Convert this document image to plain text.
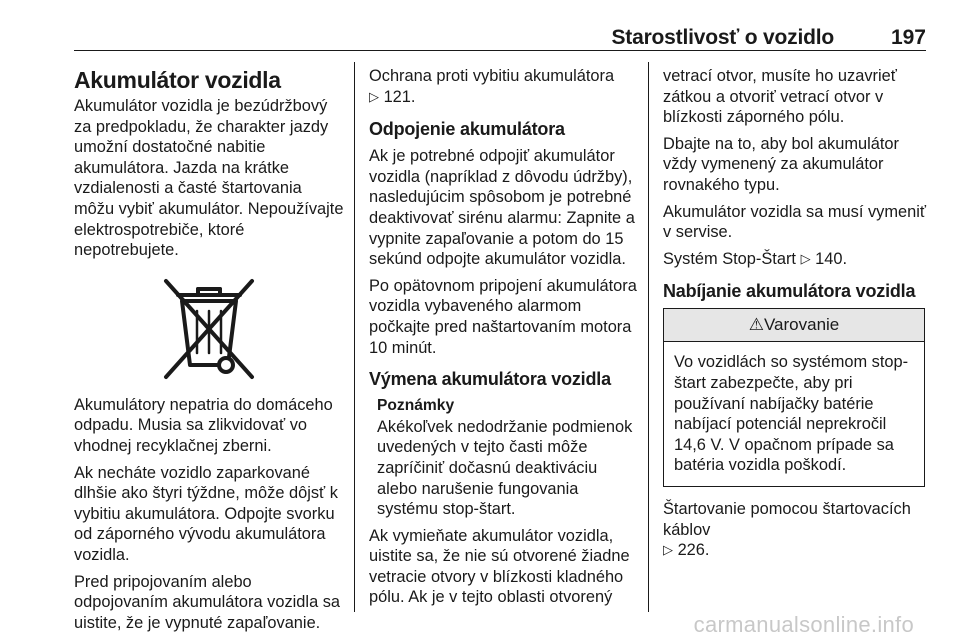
Starostlivosť o vozidlo	197
Akumulátor vozidla

Akumulátor vozidla je bezúdržbový za predpokladu, že charakter jazdy umožní dostatočné nabitie akumulátora. Jazda na krátke vzdialenosti a časté štartovania môžu vybiť akumulátor. Nepoužívajte elektrospotrebiče, ktoré nepotrebujete.

Akumulátory nepatria do domáceho odpadu. Musia sa zlikvidovať vo vhodnej recyklačnej zberni.

Ak necháte vozidlo zaparkované dlhšie ako štyri týždne, môže dôjsť k vybitiu akumulátora. Odpojte svorku od záporného vývodu akumulátora vozidla.

Pred pripojovaním alebo odpojovaním akumulátora vozidla sa uistite, že je vypnuté zapaľovanie.

Ochrana proti vybitiu akumulátora
▷ 121.

Odpojenie akumulátora

Ak je potrebné odpojiť akumulátor vozidla (napríklad z dôvodu údržby), nasledujúcim spôsobom je potrebné deaktivovať sirénu alarmu: Zapnite a vypnite zapaľovanie a potom do 15 sekúnd odpojte akumulátor vozidla.

Po opätovnom pripojení akumulátora vozidla vybaveného alarmom počkajte pred naštartovaním motora 10 minút.

Výmena akumulátora vozidla
Poznámky
Akékoľvek nedodržanie podmienok uvedených v tejto časti môže zapríčiniť dočasnú deaktiváciu alebo narušenie fungovania systému stop-štart.

Ak vymieňate akumulátor vozidla, uistite sa, že nie sú otvorené žiadne vetracie otvory v blízkosti kladného pólu. Ak je v tejto oblasti otvorený

vetrací otvor, musíte ho uzavrieť zátkou a otvoriť vetrací otvor v blízkosti záporného pólu.

Dbajte na to, aby bol akumulátor vždy vymenený za akumulátor rovnakého typu.

Akumulátor vozidla sa musí vymeniť v servise.

Systém Stop-Štart ▷ 140.

Nabíjanie akumulátora vozidla
⚠Varovanie
Vo vozidlách so systémom stop-štart zabezpečte, aby pri používaní nabíjačky batérie nabíjací potenciál neprekročil 14,6 V. V opačnom prípade sa batéria vozidla poškodí.

Štartovanie pomocou štartovacích káblov
▷ 226.

carmanualsonline.info
